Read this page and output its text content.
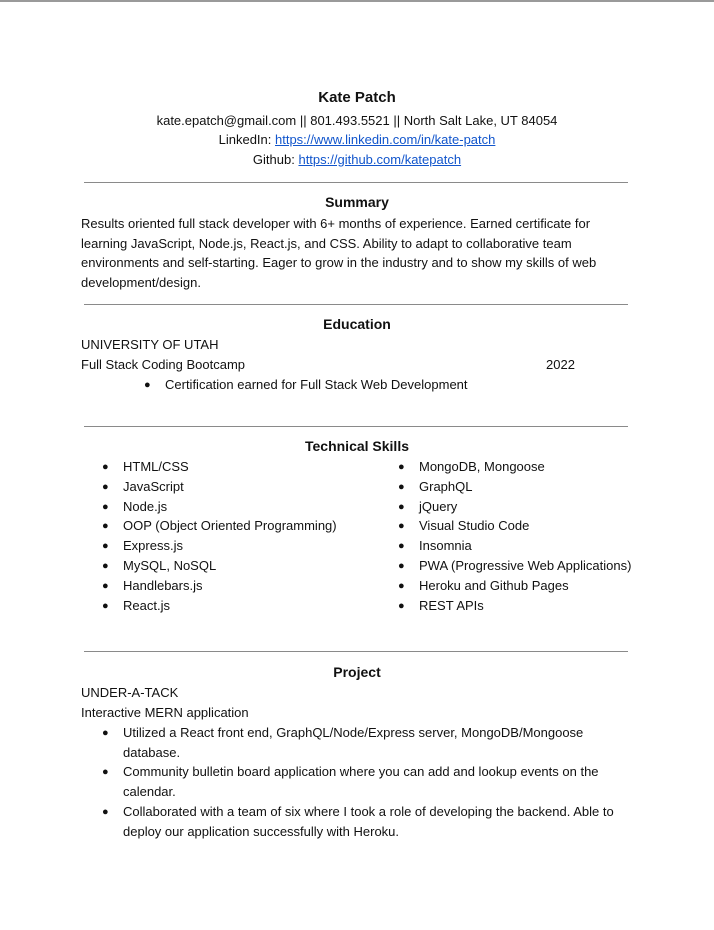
Kate Patch
kate.epatch@gmail.com || 801.493.5521 || North Salt Lake, UT 84054
LinkedIn: https://www.linkedin.com/in/kate-patch
Github: https://github.com/katepatch
Summary
Results oriented full stack developer with 6+ months of experience. Earned certificate for learning JavaScript, Node.js, React.js, and CSS. Ability to adapt to collaborative team environments and self-starting. Eager to grow in the industry and to show my skills of web development/design.
Education
UNIVERSITY OF UTAH
Full Stack Coding Bootcamp	2022
● Certification earned for Full Stack Web Development
Technical Skills
● HTML/CSS
● JavaScript
● Node.js
● OOP (Object Oriented Programming)
● Express.js
● MySQL, NoSQL
● Handlebars.js
● React.js
● MongoDB, Mongoose
● GraphQL
● jQuery
● Visual Studio Code
● Insomnia
● PWA (Progressive Web Applications)
● Heroku and Github Pages
● REST APIs
Project
UNDER-A-TACK
Interactive MERN application
● Utilized a React front end, GraphQL/Node/Express server, MongoDB/Mongoose database.
● Community bulletin board application where you can add and lookup events on the calendar.
● Collaborated with a team of six where I took a role of developing the backend. Able to deploy our application successfully with Heroku.
